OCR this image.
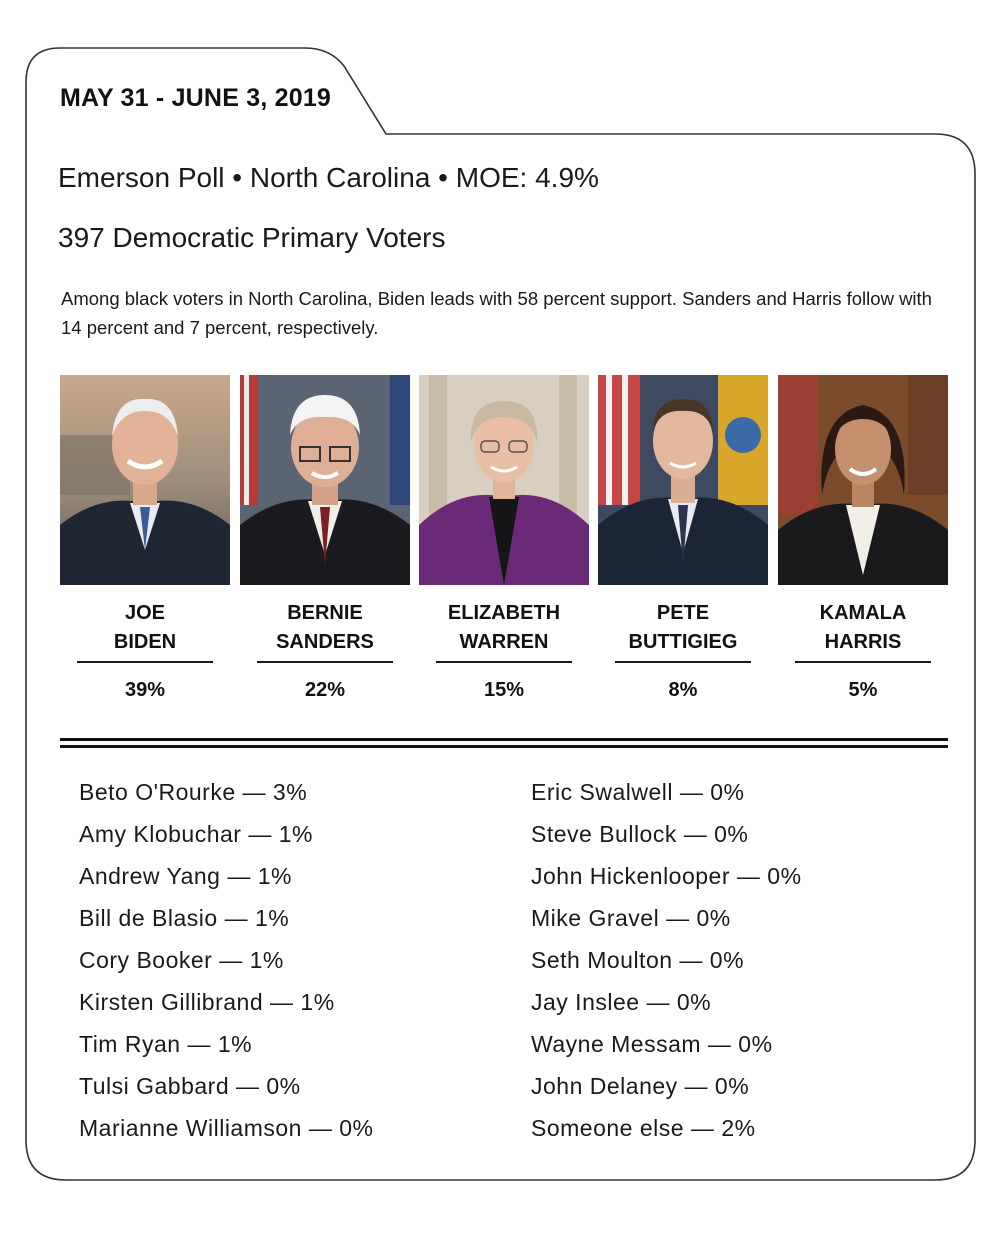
MAY 31 - JUNE 3, 2019
Emerson Poll • North Carolina • MOE: 4.9%
397 Democratic Primary Voters
Among black voters in North Carolina, Biden leads with 58 percent support. Sanders and Harris follow with 14 percent and 7 percent, respectively.
JOE
BIDEN
39%
BERNIE
SANDERS
22%
ELIZABETH
WARREN
15%
PETE
BUTTIGIEG
8%
KAMALA
HARRIS
5%
Beto O'Rourke — 3%
Amy Klobuchar — 1%
Andrew Yang — 1%
Bill de Blasio — 1%
Cory Booker — 1%
Kirsten Gillibrand — 1%
Tim Ryan — 1%
Tulsi Gabbard — 0%
Marianne Williamson — 0%
Eric Swalwell — 0%
Steve Bullock — 0%
John Hickenlooper — 0%
Mike Gravel — 0%
Seth Moulton — 0%
Jay Inslee — 0%
Wayne Messam — 0%
John Delaney — 0%
Someone else — 2%
